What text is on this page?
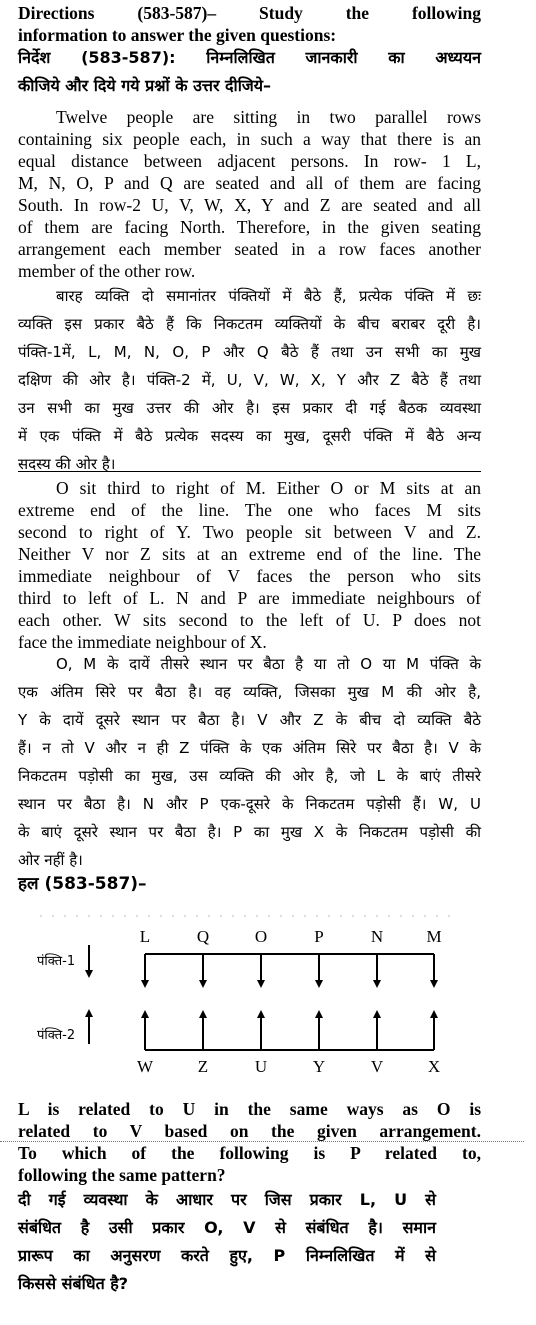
Directions (583-587)– Study the following
information to answer the given questions:
निर्देश (583-587): निम्नलिखित जानकारी का अध्ययन
कीजिये और दिये गये प्रश्नों के उत्तर दीजिये–
Twelve people are sitting in two parallel rows
containing six people each, in such a way that there is an
equal distance between adjacent persons. In row- 1 L,
M, N, O, P and Q are seated and all of them are facing
South. In row-2 U, V, W, X, Y and Z are seated and all
of them are facing North. Therefore, in the given seating
arrangement each member seated in a row faces another
member of the other row.
बारह व्यक्ति दो समानांतर पंक्तियों में बैठे हैं, प्रत्येक पंक्ति में छः
व्यक्ति इस प्रकार बैठे हैं कि निकटतम व्यक्तियों के बीच बराबर दूरी है।
पंक्ति-1में, L, M, N, O, P और Q बैठे हैं तथा उन सभी का मुख
दक्षिण की ओर है। पंक्ति-2 में, U, V, W, X, Y और Z बैठे हैं तथा
उन सभी का मुख उत्तर की ओर है। इस प्रकार दी गई बैठक व्यवस्था
में एक पंक्ति में बैठे प्रत्येक सदस्य का मुख, दूसरी पंक्ति में बैठे अन्य
सदस्य की ओर है।
O sit third to right of M. Either O or M sits at an
extreme end of the line. The one who faces M sits
second to right of Y. Two people sit between V and Z.
Neither V nor Z sits at an extreme end of the line. The
immediate neighbour of V faces the person who sits
third to left of L. N and P are immediate neighbours of
each other. W sits second to the left of U. P does not
face the immediate neighbour of X.
O, M के दायें तीसरे स्थान पर बैठा है या तो O या M पंक्ति के
एक अंतिम सिरे पर बैठा है। वह व्यक्ति, जिसका मुख M की ओर है,
Y के दायें दूसरे स्थान पर बैठा है। V और Z के बीच दो व्यक्ति बैठे
हैं। न तो V और न ही Z पंक्ति के एक अंतिम सिरे पर बैठा है। V के
निकटतम पड़ोसी का मुख, उस व्यक्ति की ओर है, जो L के बाएं तीसरे
स्थान पर बैठा है। N और P एक-दूसरे के निकटतम पड़ोसी हैं। W, U
के बाएं दूसरे स्थान पर बैठा है। P का मुख X के निकटतम पड़ोसी की
ओर नहीं है।
हल (583-587)–
L	Q	O	P	N	M
W	Z	U	Y	V	X
पंक्ति-1
पंक्ति-2
L is related to U in the same ways as O is
related to V based on the given arrangement.
To which of the following is P related to,
following the same pattern?
दी गई व्यवस्था के आधार पर जिस प्रकार L, U से
संबंधित है उसी प्रकार O, V से संबंधित है। समान
प्रारूप का अनुसरण करते हुए, P निम्नलिखित में से
किससे संबंधित है?
